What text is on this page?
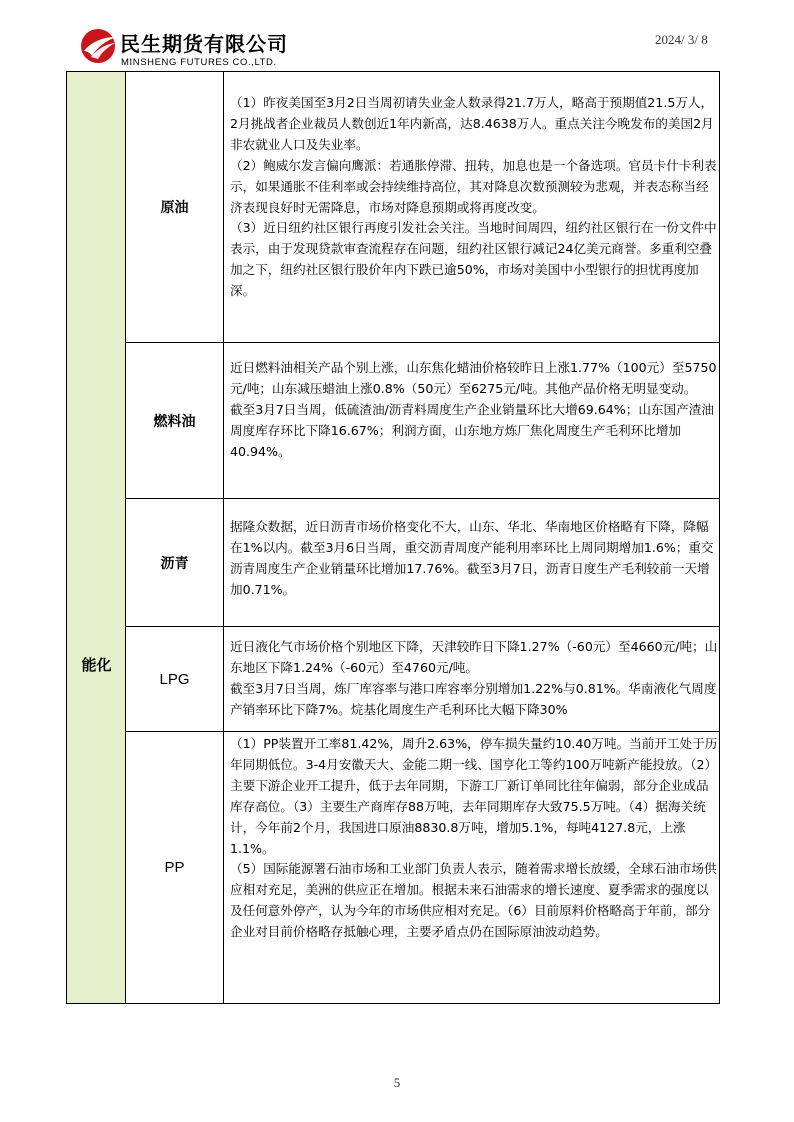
民生期货有限公司
MINSHENG FUTURES CO.,LTD.
2024/ 3/ 8
能化
原油

（1）昨夜美国至3月2日当周初请失业金人数录得21.7万人，略高于预期值21.5万人，2月挑战者企业裁员人数创近1年内新高，达8.4638万人。重点关注今晚发布的美国2月非农就业人口及失业率。

（2）鲍威尔发言偏向鹰派：若通胀停滞、扭转，加息也是一个备选项。官员卡什卡利表示，如果通胀不佳利率或会持续维持高位，其对降息次数预测较为悲观，并表态称当经济表现良好时无需降息，市场对降息预期或将再度改变。

（3）近日纽约社区银行再度引发社会关注。当地时间周四，纽约社区银行在一份文件中表示，由于发现贷款审查流程存在问题，纽约社区银行减记24亿美元商誉。多重利空叠加之下，纽约社区银行股价年内下跌已逾50%，市场对美国中小型银行的担忧再度加深。

燃料油

近日燃料油相关产品个别上涨，山东焦化蜡油价格较昨日上涨1.77%（100元）至5750元/吨；山东减压蜡油上涨0.8%（50元）至6275元/吨。其他产品价格无明显变动。

截至3月7日当周，低硫渣油/沥青料周度生产企业销量环比大增69.64%；山东国产渣油周度库存环比下降16.67%；利润方面，山东地方炼厂焦化周度生产毛利环比增加40.94%。

沥青

据隆众数据，近日沥青市场价格变化不大，山东、华北、华南地区价格略有下降，降幅在1%以内。截至3月6日当周，重交沥青周度产能利用率环比上周同期增加1.6%；重交沥青周度生产企业销量环比增加17.76%。截至3月7日，沥青日度生产毛利较前一天增加0.71%。

LPG

近日液化气市场价格个别地区下降，天津较昨日下降1.27%（-60元）至4660元/吨；山东地区下降1.24%（-60元）至4760元/吨。

截至3月7日当周，炼厂库容率与港口库容率分别增加1.22%与0.81%。华南液化气周度产销率环比下降7%。烷基化周度生产毛利环比大幅下降30%

PP

（1）PP装置开工率81.42%，周升2.63%，停车损失量约10.40万吨。当前开工处于历年同期低位。3-4月安徽天大、金能二期一线、国亨化工等约100万吨新产能投放。（2）主要下游企业开工提升，低于去年同期，下游工厂新订单同比往年偏弱，部分企业成品库存高位。（3）主要生产商库存88万吨，去年同期库存大致75.5万吨。（4）据海关统计，今年前2个月，我国进口原油8830.8万吨，增加5.1%，每吨4127.8元，上涨1.1%。

（5）国际能源署石油市场和工业部门负责人表示，随着需求增长放缓，全球石油市场供应相对充足，美洲的供应正在增加。根据未来石油需求的增长速度、夏季需求的强度以及任何意外停产，认为今年的市场供应相对充足。（6）目前原料价格略高于年前，部分企业对目前价格略存抵触心理，主要矛盾点仍在国际原油波动趋势。

5
